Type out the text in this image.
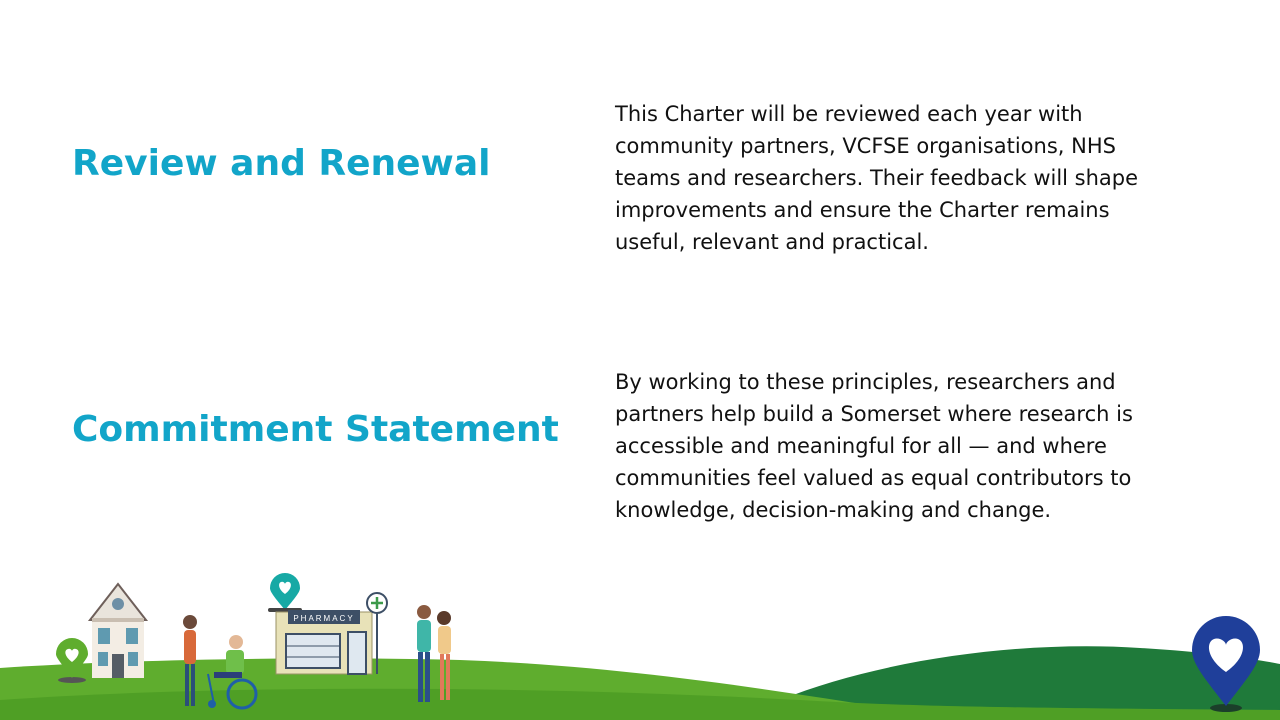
Review and Renewal

This Charter will be reviewed each year with community partners, VCFSE organisations, NHS teams and researchers. Their feedback will shape improvements and ensure the Charter remains useful, relevant and practical.

Commitment Statement

By working to these principles, researchers and partners help build a Somerset where research is accessible and meaningful for all — and where communities feel valued as equal contributors to knowledge, decision-making and change.

PHARMACY
